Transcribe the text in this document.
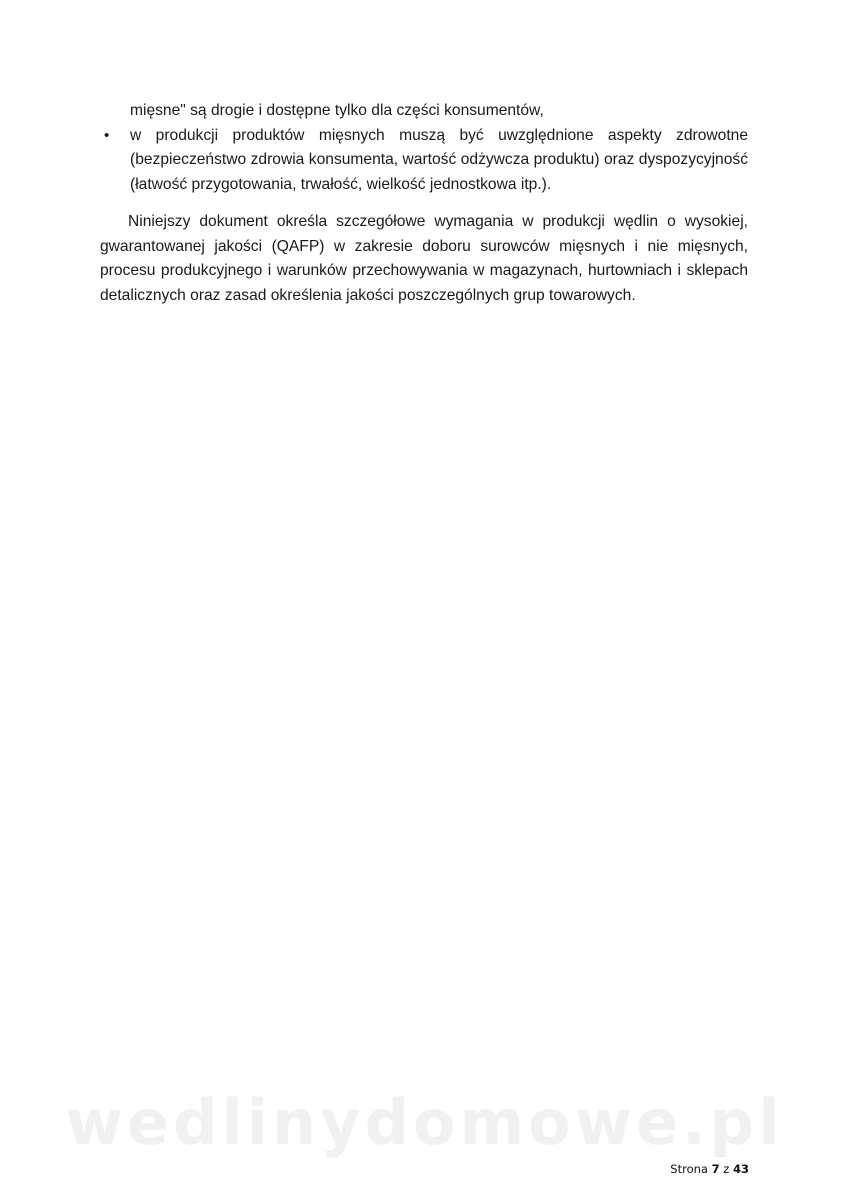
mięsne" są drogie i dostępne tylko dla części konsumentów,
• w produkcji produktów mięsnych muszą być uwzględnione aspekty zdrowotne (bezpieczeństwo zdrowia konsumenta, wartość odżywcza produktu) oraz dyspozycyjność (łatwość przygotowania, trwałość, wielkość jednostkowa itp.).
Niniejszy dokument określa szczegółowe wymagania w produkcji wędlin o wysokiej, gwarantowanej jakości (QAFP) w zakresie doboru surowców mięsnych i nie mięsnych, procesu produkcyjnego i warunków przechowywania w magazynach, hurtowniach i sklepach detalicznych oraz zasad określenia jakości poszczególnych grup towarowych.
wedlinydomowe.pl
Strona 7 z 43
